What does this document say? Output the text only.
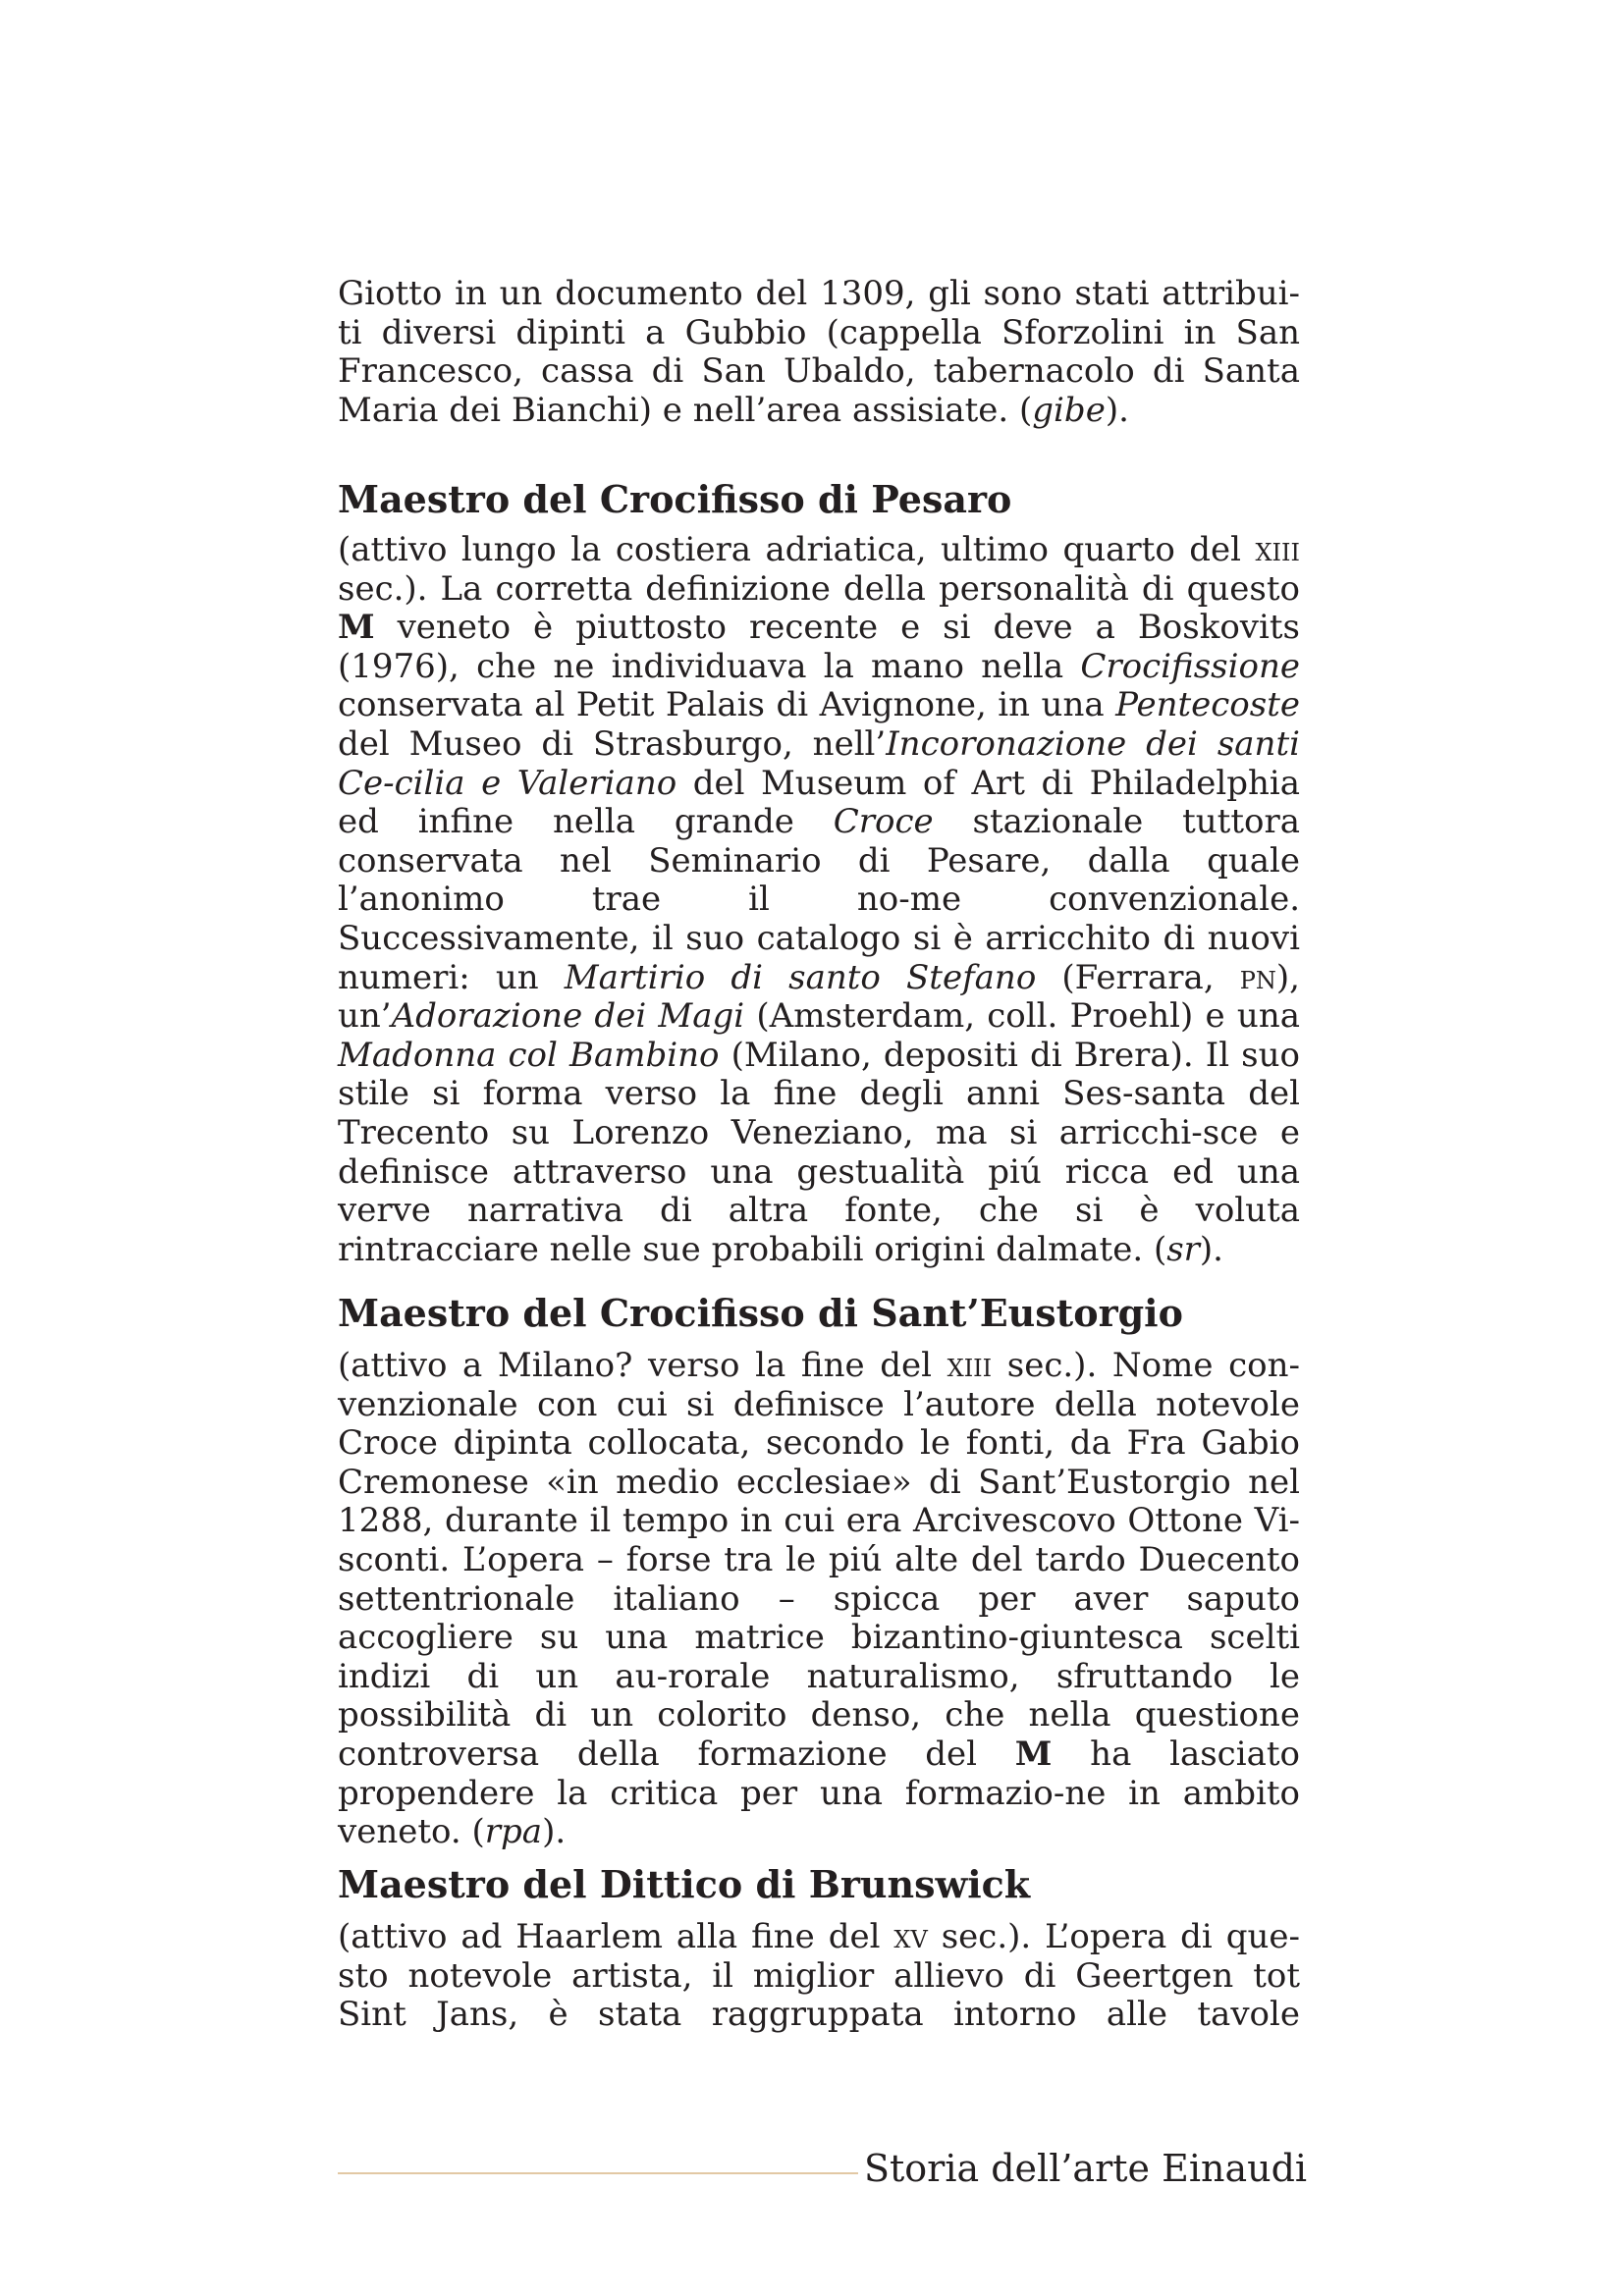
Giotto in un documento del 1309, gli sono stati attribui-ti diversi dipinti a Gubbio (cappella Sforzolini in San Francesco, cassa di San Ubaldo, tabernacolo di Santa Maria dei Bianchi) e nell’area assisiate. (gibe).

Maestro del Crocifisso di Pesaro

(attivo lungo la costiera adriatica, ultimo quarto del xiii sec.). La corretta definizione della personalità di questo M veneto è piuttosto recente e si deve a Boskovits (1976), che ne individuava la mano nella Crocifissione conservata al Petit Palais di Avignone, in una Pentecoste del Museo di Strasburgo, nell’Incoronazione dei santi Ce-cilia e Valeriano del Museum of Art di Philadelphia ed infine nella grande Croce stazionale tuttora conservata nel Seminario di Pesare, dalla quale l’anonimo trae il no-me convenzionale. Successivamente, il suo catalogo si è arricchito di nuovi numeri: un Martirio di santo Stefano (Ferrara, pn), un’Adorazione dei Magi (Amsterdam, coll. Proehl) e una Madonna col Bambino (Milano, depositi di Brera). Il suo stile si forma verso la fine degli anni Ses-santa del Trecento su Lorenzo Veneziano, ma si arricchi-sce e definisce attraverso una gestualità piú ricca ed una verve narrativa di altra fonte, che si è voluta rintracciare nelle sue probabili origini dalmate. (sr).

Maestro del Crocifisso di Sant’Eustorgio

(attivo a Milano? verso la fine del xiii sec.). Nome con-venzionale con cui si definisce l’autore della notevole Croce dipinta collocata, secondo le fonti, da Fra Gabio Cremonese «in medio ecclesiae» di Sant’Eustorgio nel 1288, durante il tempo in cui era Arcivescovo Ottone Vi-sconti. L’opera – forse tra le piú alte del tardo Duecento settentrionale italiano – spicca per aver saputo accogliere su una matrice bizantino-giuntesca scelti indizi di un au-rorale naturalismo, sfruttando le possibilità di un colorito denso, che nella questione controversa della formazione del M ha lasciato propendere la critica per una formazio-ne in ambito veneto. (rpa).

Maestro del Dittico di Brunswick

(attivo ad Haarlem alla fine del xv sec.). L’opera di que-sto notevole artista, il miglior allievo di Geertgen tot Sint Jans, è stata raggruppata intorno alle tavole

Storia dell’arte Einaudi
